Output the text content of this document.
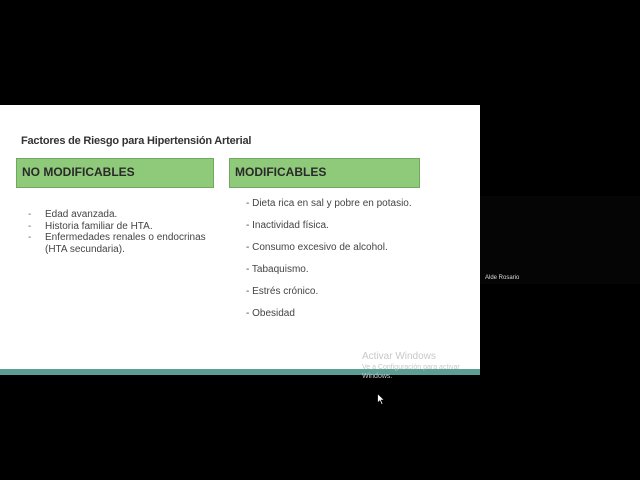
Factores de Riesgo para Hipertensión Arterial
NO MODIFICABLES	MODIFICABLES
- Edad avanzada.
- Historia familiar de HTA.
- Enfermedades renales o endocrinas (HTA secundaria).
- Dieta rica en sal y pobre en potasio.
- Inactividad física.
- Consumo excesivo de alcohol.
- Tabaquismo.
- Estrés crónico.
- Obesidad
Alde Rosario
Activar Windows
Ve a Configuración para activar Windows.
